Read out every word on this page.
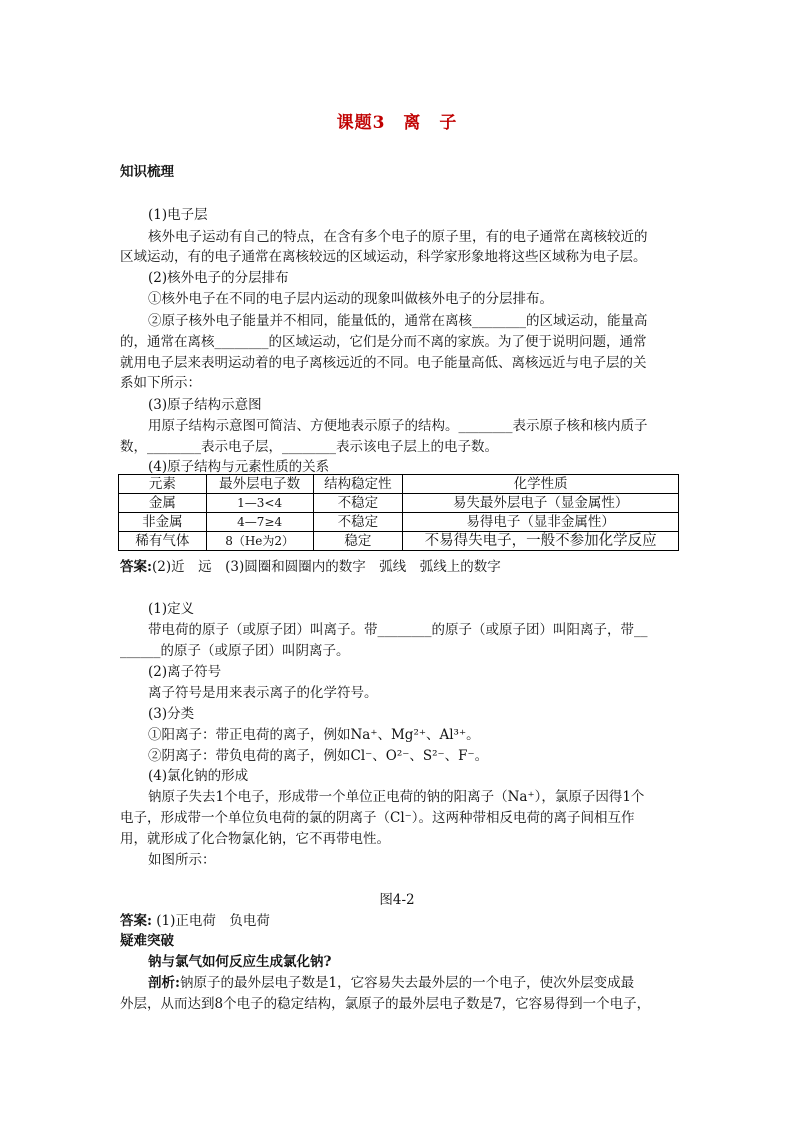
课题3　离　子
知识梳理
(1)电子层
核外电子运动有自己的特点，在含有多个电子的原子里，有的电子通常在离核较近的
区域运动，有的电子通常在离核较远的区域运动，科学家形象地将这些区域称为电子层。
(2)核外电子的分层排布
①核外电子在不同的电子层内运动的现象叫做核外电子的分层排布。
②原子核外电子能量并不相同，能量低的，通常在离核________的区域运动，能量高
的，通常在离核________的区域运动，它们是分而不离的家族。为了便于说明问题，通常
就用电子层来表明运动着的电子离核远近的不同。电子能量高低、离核远近与电子层的关
系如下所示：
(3)原子结构示意图
用原子结构示意图可简洁、方便地表示原子的结构。________表示原子核和核内质子
数，________表示电子层，________表示该电子层上的电子数。
(4)原子结构与元素性质的关系
元素	最外层电子数	结构稳定性	化学性质
金属	1—3<4	不稳定	易失最外层电子（显金属性）
非金属	4—7≥4	不稳定	易得电子（显非金属性）
稀有气体	8（He为2）	稳定	不易得失电子，一般不参加化学反应
答案:(2)近　远　(3)圆圈和圆圈内的数字　弧线　弧线上的数字
(1)定义
带电荷的原子（或原子团）叫离子。带________的原子（或原子团）叫阳离子，带__
______的原子（或原子团）叫阴离子。
(2)离子符号
离子符号是用来表示离子的化学符号。
(3)分类
①阳离子：带正电荷的离子，例如Na⁺、Mg²⁺、Al³⁺。
②阴离子：带负电荷的离子，例如Cl⁻、O²⁻、S²⁻、F⁻。
(4)氯化钠的形成
钠原子失去1个电子，形成带一个单位正电荷的钠的阳离子（Na⁺），氯原子因得1个
电子，形成带一个单位负电荷的氯的阴离子（Cl⁻）。这两种带相反电荷的离子间相互作
用，就形成了化合物氯化钠，它不再带电性。
如图所示：
图4-2
答案: (1)正电荷　负电荷
疑难突破
钠与氯气如何反应生成氯化钠?
剖析:钠原子的最外层电子数是1，它容易失去最外层的一个电子，使次外层变成最
外层，从而达到8个电子的稳定结构，氯原子的最外层电子数是7，它容易得到一个电子，
